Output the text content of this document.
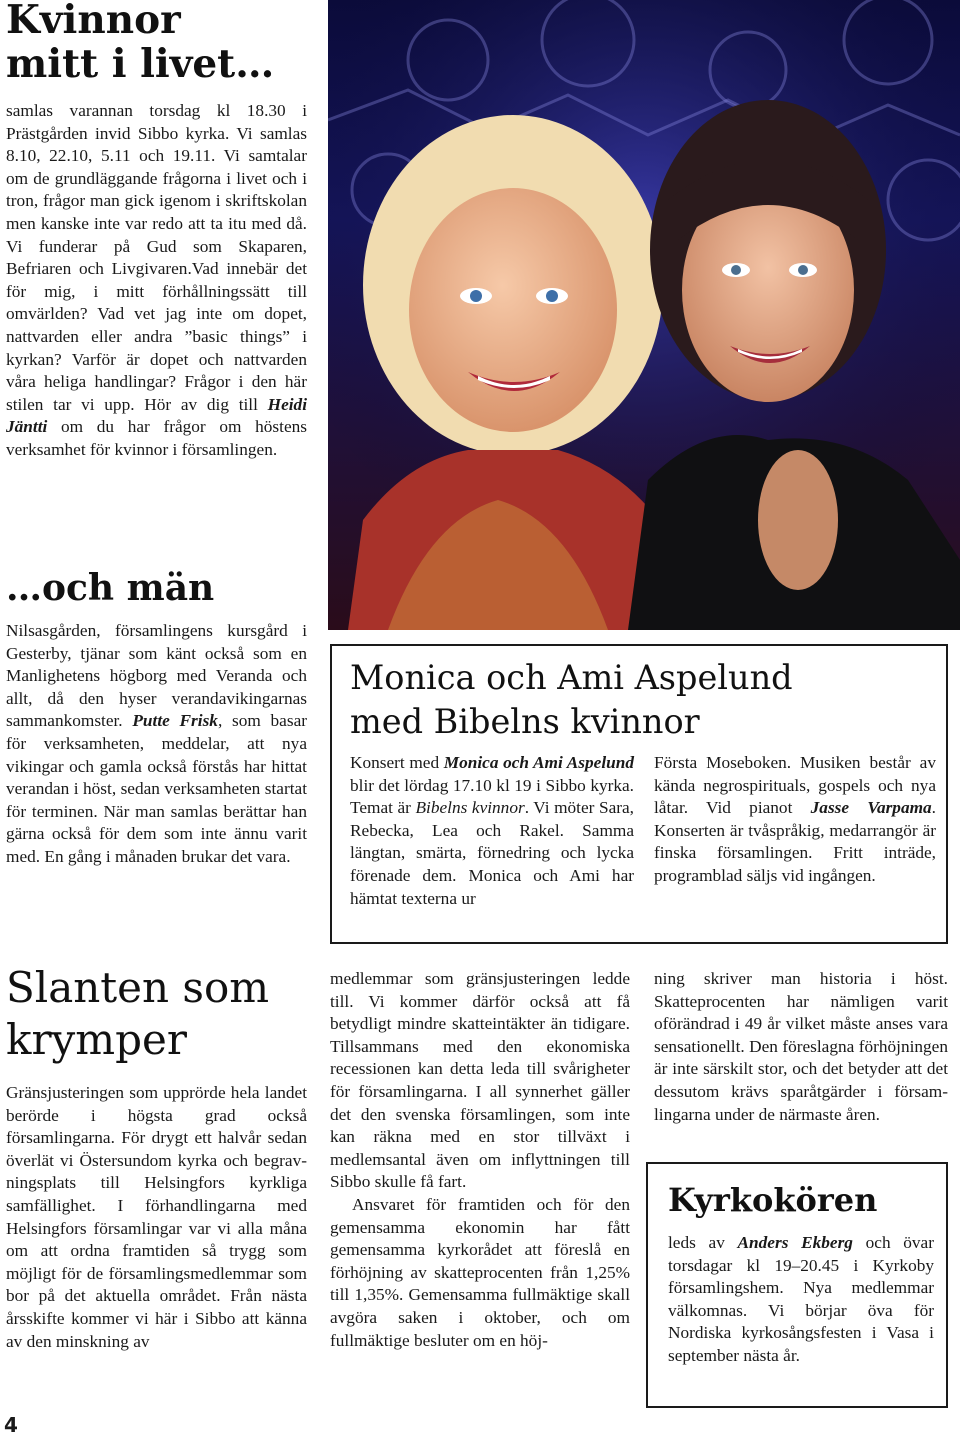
Kvinnor
mitt i livet…

samlas varannan torsdag kl 18.30 i Prästgården invid Sibbo kyrka. Vi samlas 8.10, 22.10, 5.11 och 19.11. Vi samtalar om de grundläggande frågorna i livet och i tron, frågor man gick igenom i skriftskolan men kanske inte var redo att ta itu med då. Vi funderar på Gud som Skaparen, Befriaren och Livgivaren.Vad innebär det för mig, i mitt förhållningssätt till omvärlden? Vad vet jag inte om dopet, nattvarden eller andra ”basic things” i kyrkan? Varför är dopet och nattvarden våra heliga handlingar? Frågor i den här stilen tar vi upp. Hör av dig till Heidi Jäntti om du har frågor om höstens verksamhet för kvinnor i församlingen.

…och män

Nilsasgården, församlingens kursgård i Gesterby, tjänar som känt också som en Manlighetens högborg med Veranda och allt, då den hyser verandavikingarnas sammankomster. Putte Frisk, som basar för verksamheten, meddelar, att nya vikingar och gamla också förstås har hittat verandan i höst, sedan verksamheten startat för terminen. När man samlas berättar han gärna också för dem som inte ännu varit med. En gång i månaden brukar det vara.

Monica och Ami Aspelund
med Bibelns kvinnor

Konsert med Monica och Ami Aspelund blir det lördag 17.10 kl 19 i Sibbo kyrka. Temat är Bibelns kvinnor. Vi möter Sara, Rebecka, Lea och Rakel. Samma längtan, smärta, förnedring och lycka förenade dem. Monica och Ami har hämtat texterna ur

Första Moseboken. Musiken består av kända negrospirituals, gospels och nya låtar. Vid pianot Jasse Varpama. Konserten är tvåspråkig, medarrangör är finska församlingen. Fritt inträde, programblad säljs vid ingången.

Slanten som
krymper

Gränsjusteringen som upprörde hela landet berörde i högsta grad också församlingarna. För drygt ett halvår sedan överlät vi Östersundom kyrka och begravningsplats till Helsingfors kyrkliga samfällighet. I förhandlingarna med Helsingfors församlingar var vi alla måna om att ordna framtiden så trygg som möjligt för de församlingsmedlemmar som bor på det aktuella området. Från nästa årsskifte kommer vi här i Sibbo att känna av den minskning av

medlemmar som gränsjusteringen ledde till. Vi kommer därför också att få betydligt mindre skatteintäkter än tidigare. Tillsammans med den ekonomiska recessionen kan detta leda till svårigheter för församlingarna. I all synnerhet gäller det den svenska församlingen, som inte kan räkna med en stor tillväxt i medlemsantal även om inflyttningen till Sibbo skulle få fart.

Ansvaret för framtiden och för den gemensamma ekonomin har fått gemensamma kyrkorådet att föreslå en förhöjning av skatteprocenten från 1,25% till 1,35%. Gemensamma fullmäktige skall avgöra saken i oktober, och om fullmäktige besluter om en höj-

ning skriver man historia i höst. Skatteprocenten har nämligen varit oförändrad i 49 år vilket måste anses vara sensationellt. Den föreslagna förhöjningen är inte särskilt stor, och det betyder att det dessutom krävs sparåtgärder i församlingarna under de närmaste åren.

Kyrkokören

leds av Anders Ekberg och övar torsdagar kl 19–20.45 i Kyrkoby församlingshem. Nya medlemmar välkomnas. Vi börjar öva för Nordiska kyrkosångsfesten i Vasa i september nästa år.

4
